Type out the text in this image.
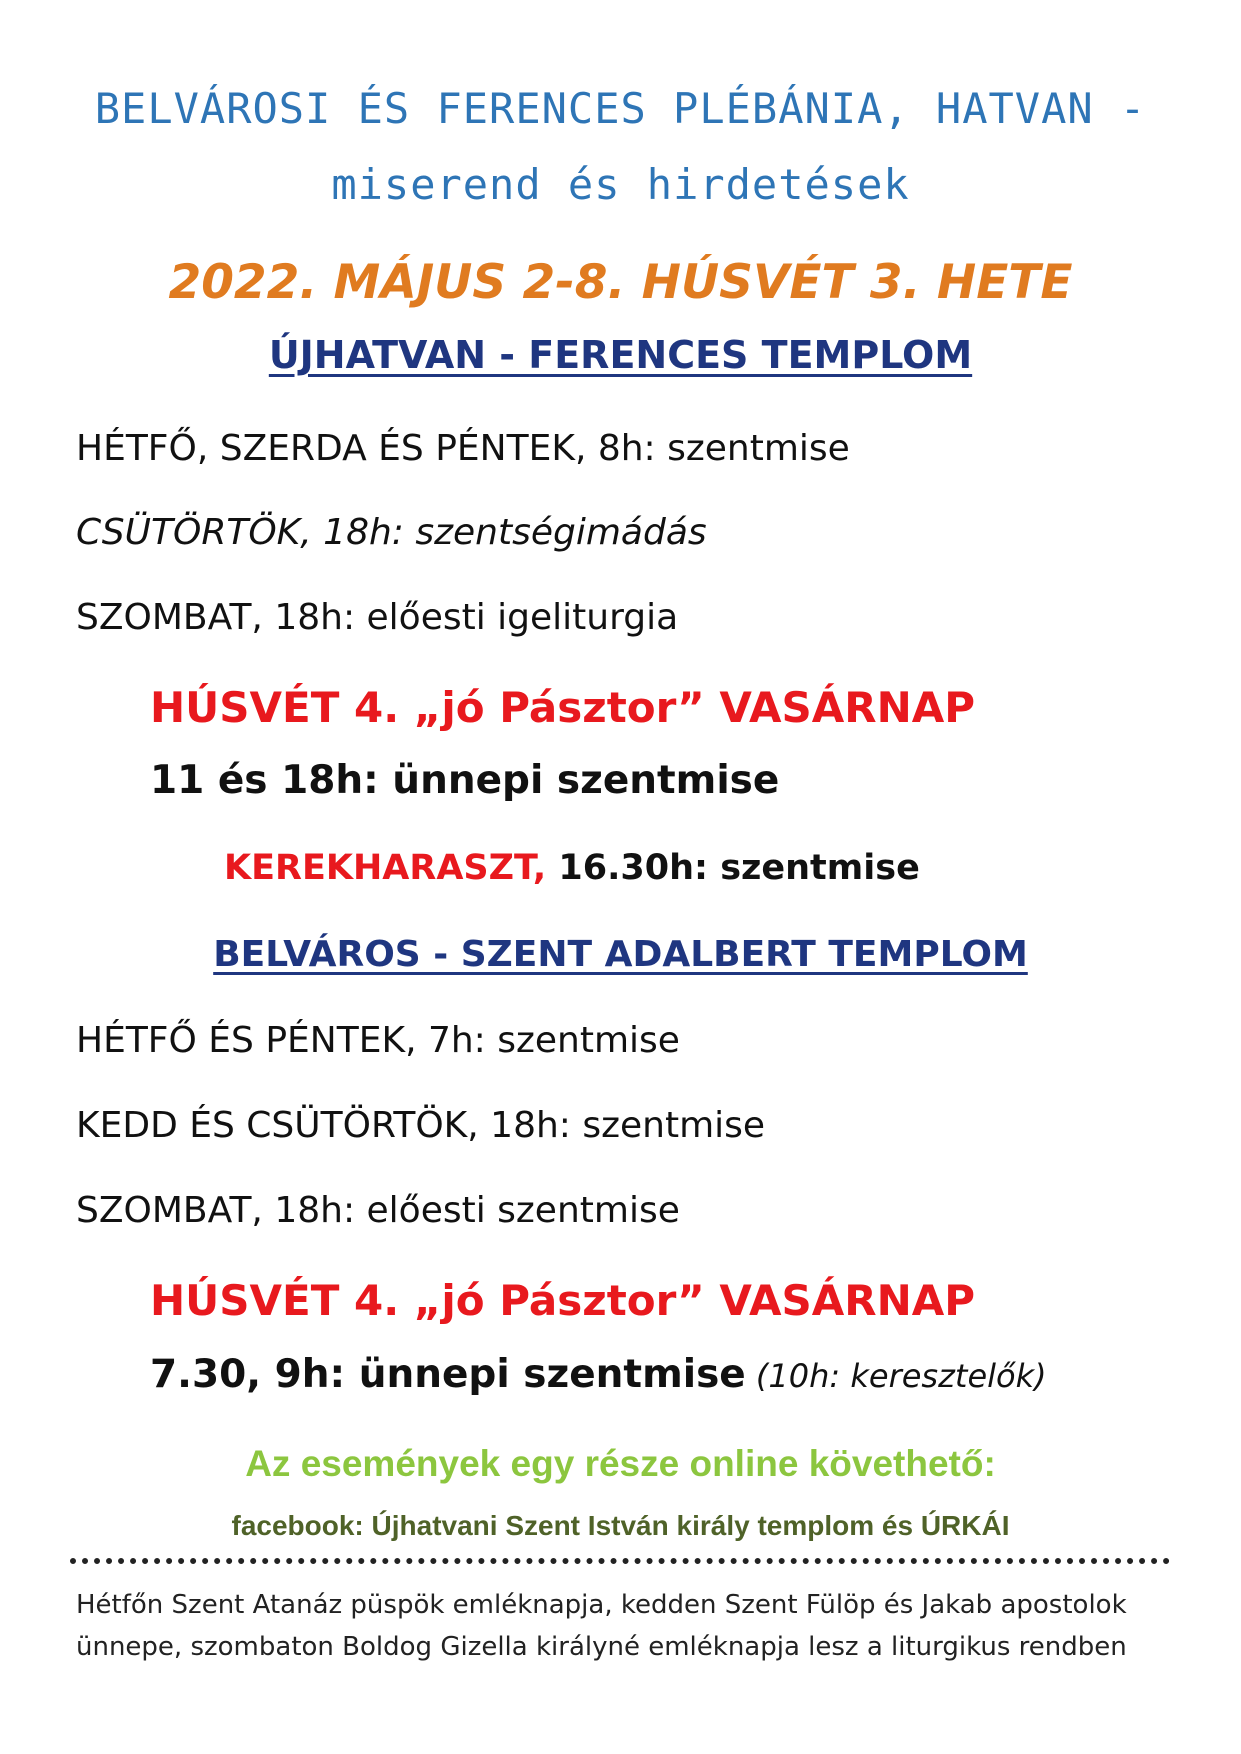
BELVÁROSI ÉS FERENCES PLÉBÁNIA, HATVAN -
miserend és hirdetések
2022. MÁJUS 2-8. HÚSVÉT 3. HETE
ÚJHATVAN - FERENCES TEMPLOM
HÉTFŐ, SZERDA ÉS PÉNTEK, 8h: szentmise
CSÜTÖRTÖK, 18h: szentségimádás
SZOMBAT, 18h: előesti igeliturgia
HÚSVÉT 4. „jó Pásztor” VASÁRNAP
11 és 18h: ünnepi szentmise
KEREKHARASZT, 16.30h: szentmise
BELVÁROS - SZENT ADALBERT TEMPLOM
HÉTFŐ ÉS PÉNTEK, 7h: szentmise
KEDD ÉS CSÜTÖRTÖK, 18h: szentmise
SZOMBAT, 18h: előesti szentmise
HÚSVÉT 4. „jó Pásztor” VASÁRNAP
7.30, 9h: ünnepi szentmise (10h: keresztelők)
Az események egy része online követhető:
facebook: Újhatvani Szent István király templom és ÚRKÁI
Hétfőn Szent Atanáz püspök emléknapja, kedden Szent Fülöp és Jakab apostolok
ünnepe, szombaton Boldog Gizella királyné emléknapja lesz a liturgikus rendben
